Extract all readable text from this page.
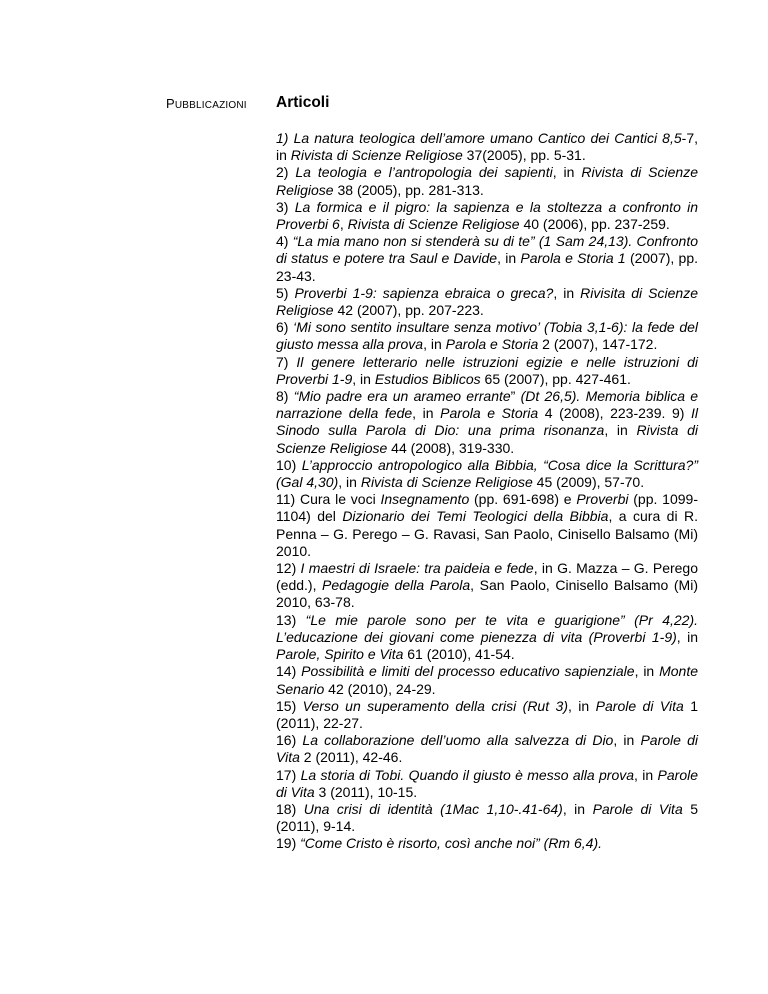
PUBBLICAZIONI Articoli

1) La natura teologica dell’amore umano Cantico dei Cantici 8,5-7, in Rivista di Scienze Religiose 37(2005), pp. 5-31.

2) La teologia e l’antropologia dei sapienti, in Rivista di Scienze Religiose 38 (2005), pp. 281-313.

3) La formica e il pigro: la sapienza e la stoltezza a confronto in Proverbi 6, Rivista di Scienze Religiose 40 (2006), pp. 237-259.

4) “La mia mano non si stenderà su di te” (1 Sam 24,13). Confronto di status e potere tra Saul e Davide, in Parola e Storia 1 (2007), pp. 23-43.

5) Proverbi 1-9: sapienza ebraica o greca?, in Rivisita di Scienze Religiose 42 (2007), pp. 207-223.

6) ‘Mi sono sentito insultare senza motivo’ (Tobia 3,1-6): la fede del giusto messa alla prova, in Parola e Storia 2 (2007), 147-172.

7) Il genere letterario nelle istruzioni egizie e nelle istruzioni di Proverbi 1-9, in Estudios Biblicos 65 (2007), pp. 427-461.

8) “Mio padre era un arameo errante” (Dt 26,5). Memoria biblica e narrazione della fede, in Parola e Storia 4 (2008), 223-239. 9) Il Sinodo sulla Parola di Dio: una prima risonanza, in Rivista di Scienze Religiose 44 (2008), 319-330.

10) L’approccio antropologico alla Bibbia, “Cosa dice la Scrittura?” (Gal 4,30), in Rivista di Scienze Religiose 45 (2009), 57-70.

11) Cura le voci Insegnamento (pp. 691-698) e Proverbi (pp. 1099-1104) del Dizionario dei Temi Teologici della Bibbia, a cura di R. Penna – G. Perego – G. Ravasi, San Paolo, Cinisello Balsamo (Mi) 2010.

12) I maestri di Israele: tra paideia e fede, in G. Mazza – G. Perego (edd.), Pedagogie della Parola, San Paolo, Cinisello Balsamo (Mi) 2010, 63-78.

13) “Le mie parole sono per te vita e guarigione” (Pr 4,22). L’educazione dei giovani come pienezza di vita (Proverbi 1-9), in Parole, Spirito e Vita 61 (2010), 41-54.

14) Possibilità e limiti del processo educativo sapienziale, in Monte Senario 42 (2010), 24-29.

15) Verso un superamento della crisi (Rut 3), in Parole di Vita 1 (2011), 22-27.

16) La collaborazione dell’uomo alla salvezza di Dio, in Parole di Vita 2 (2011), 42-46.

17) La storia di Tobi. Quando il giusto è messo alla prova, in Parole di Vita 3 (2011), 10-15.

18) Una crisi di identità (1Mac 1,10-.41-64), in Parole di Vita 5 (2011), 9-14.

19) “Come Cristo è risorto, così anche noi” (Rm 6,4).
